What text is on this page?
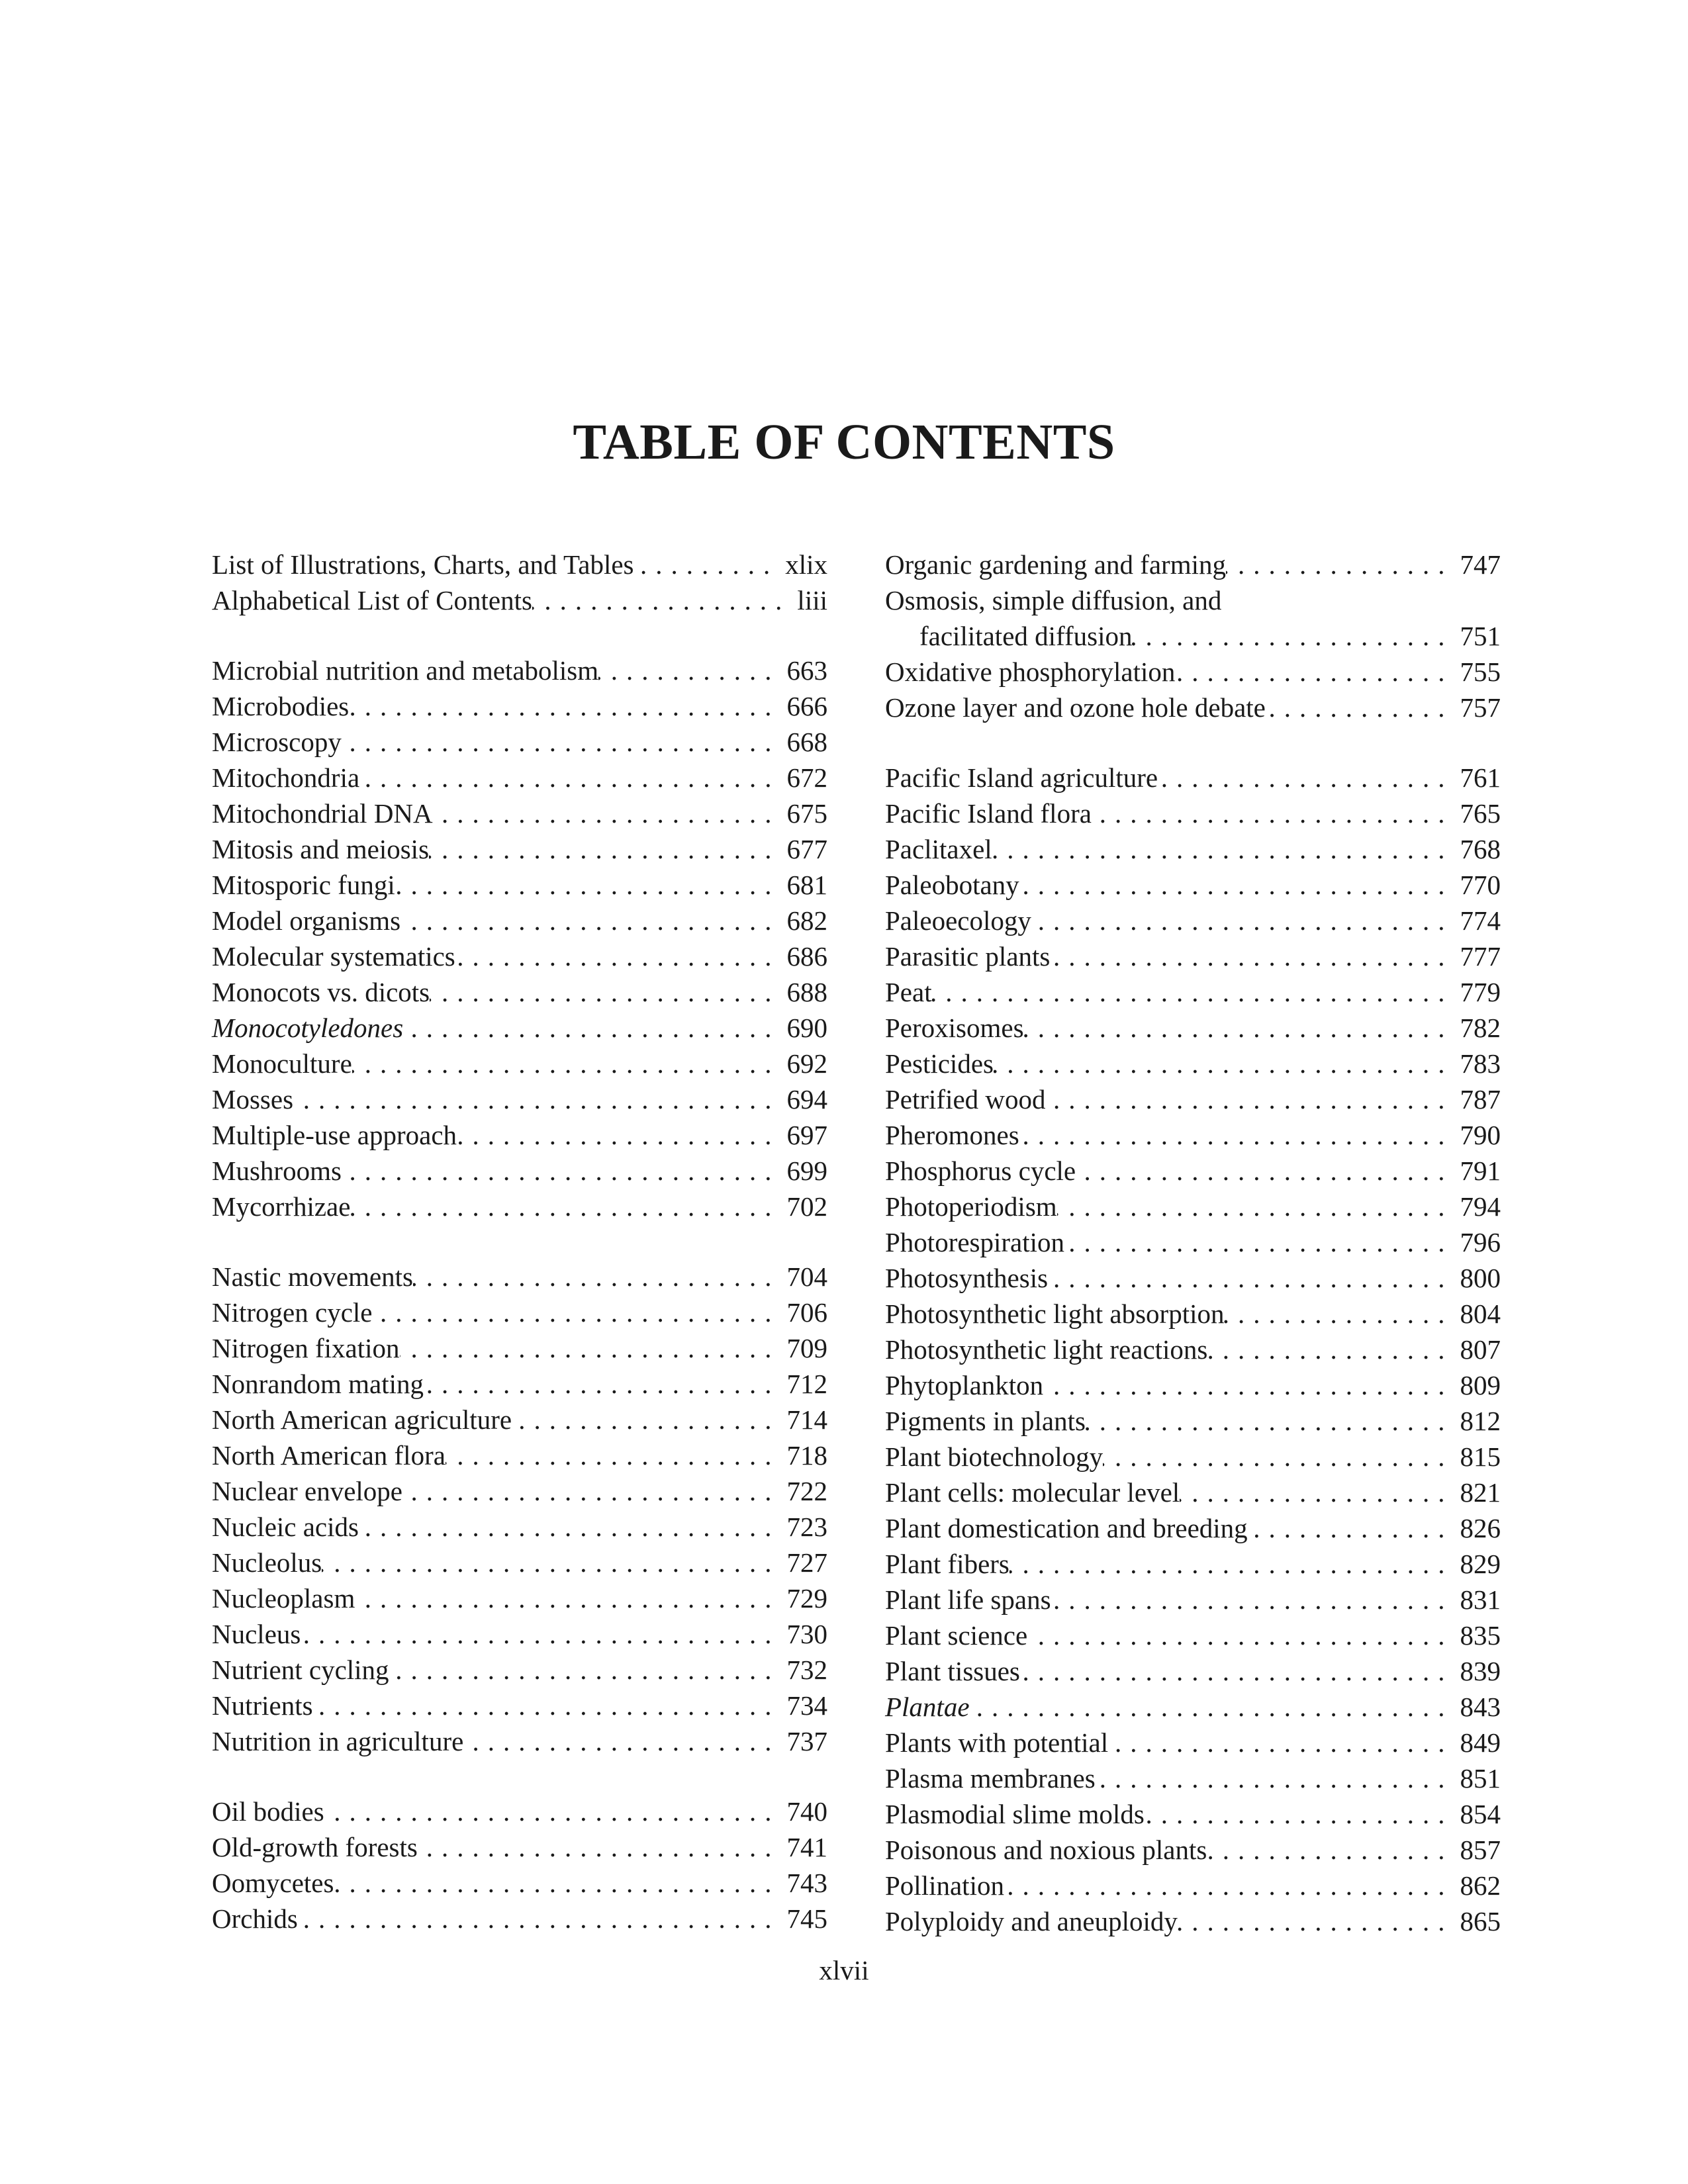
TABLE OF CONTENTS
List of Illustrations, Charts, and Tables .....	xlix
Alphabetical List of Contents .....	liii
Microbial nutrition and metabolism .....	663
Microbodies .....	666
Microscopy .....	668
Mitochondria .....	672
Mitochondrial DNA .....	675
Mitosis and meiosis .....	677
Mitosporic fungi .....	681
Model organisms .....	682
Molecular systematics .....	686
Monocots vs. dicots .....	688
Monocotyledones .....	690
Monoculture .....	692
Mosses .....	694
Multiple-use approach .....	697
Mushrooms .....	699
Mycorrhizae .....	702
Nastic movements .....	704
Nitrogen cycle .....	706
Nitrogen fixation .....	709
Nonrandom mating .....	712
North American agriculture .....	714
North American flora .....	718
Nuclear envelope .....	722
Nucleic acids .....	723
Nucleolus .....	727
Nucleoplasm .....	729
Nucleus .....	730
Nutrient cycling .....	732
Nutrients .....	734
Nutrition in agriculture .....	737
Oil bodies .....	740
Old-growth forests .....	741
Oomycetes .....	743
Orchids .....	745
Organic gardening and farming .....	747
Osmosis, simple diffusion, and
facilitated diffusion .....	751
Oxidative phosphorylation .....	755
Ozone layer and ozone hole debate .....	757
Pacific Island agriculture .....	761
Pacific Island flora .....	765
Paclitaxel .....	768
Paleobotany .....	770
Paleoecology .....	774
Parasitic plants .....	777
Peat .....	779
Peroxisomes .....	782
Pesticides .....	783
Petrified wood .....	787
Pheromones .....	790
Phosphorus cycle .....	791
Photoperiodism .....	794
Photorespiration .....	796
Photosynthesis .....	800
Photosynthetic light absorption .....	804
Photosynthetic light reactions .....	807
Phytoplankton .....	809
Pigments in plants .....	812
Plant biotechnology .....	815
Plant cells: molecular level .....	821
Plant domestication and breeding .....	826
Plant fibers .....	829
Plant life spans .....	831
Plant science .....	835
Plant tissues .....	839
Plantae .....	843
Plants with potential .....	849
Plasma membranes .....	851
Plasmodial slime molds .....	854
Poisonous and noxious plants .....	857
Pollination .....	862
Polyploidy and aneuploidy .....	865
xlvii
